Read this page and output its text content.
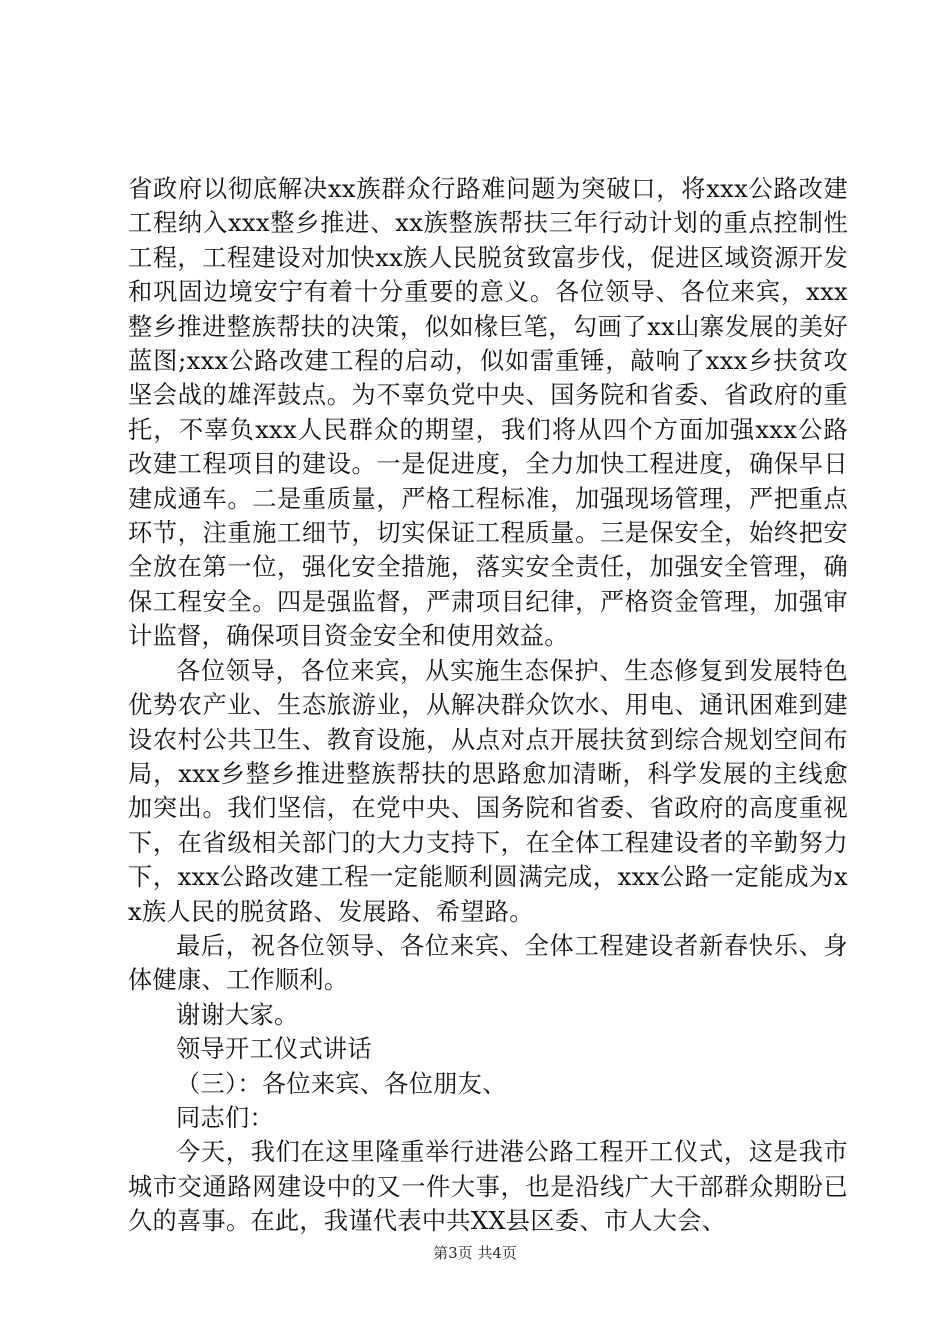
省政府以彻底解决xx族群众行路难问题为突破口，将xxx公路改建工程纳入xxx整乡推进、xx族整族帮扶三年行动计划的重点控制性工程，工程建设对加快xx族人民脱贫致富步伐，促进区域资源开发和巩固边境安宁有着十分重要的意义。各位领导、各位来宾，xxx整乡推进整族帮扶的决策，似如椽巨笔，勾画了xx山寨发展的美好蓝图;xxx公路改建工程的启动，似如雷重锤，敲响了xxx乡扶贫攻坚会战的雄浑鼓点。为不辜负党中央、国务院和省委、省政府的重托，不辜负xxx人民群众的期望，我们将从四个方面加强xxx公路改建工程项目的建设。一是促进度，全力加快工程进度，确保早日建成通车。二是重质量，严格工程标准，加强现场管理，严把重点环节，注重施工细节，切实保证工程质量。三是保安全，始终把安全放在第一位，强化安全措施，落实安全责任，加强安全管理，确保工程安全。四是强监督，严肃项目纪律，严格资金管理，加强审计监督，确保项目资金安全和使用效益。

各位领导，各位来宾，从实施生态保护、生态修复到发展特色优势农产业、生态旅游业，从解决群众饮水、用电、通讯困难到建设农村公共卫生、教育设施，从点对点开展扶贫到综合规划空间布局，xxx乡整乡推进整族帮扶的思路愈加清晰，科学发展的主线愈加突出。我们坚信，在党中央、国务院和省委、省政府的高度重视下，在省级相关部门的大力支持下，在全体工程建设者的辛勤努力下，xxx公路改建工程一定能顺利圆满完成，xxx公路一定能成为xx族人民的脱贫路、发展路、希望路。

最后，祝各位领导、各位来宾、全体工程建设者新春快乐、身体健康、工作顺利。

谢谢大家。

领导开工仪式讲话

（三）：各位来宾、各位朋友、

同志们：

今天，我们在这里隆重举行进港公路工程开工仪式，这是我市城市交通路网建设中的又一件大事，也是沿线广大干部群众期盼已久的喜事。在此，我谨代表中共XX县区委、市人大会、

第3页 共4页
